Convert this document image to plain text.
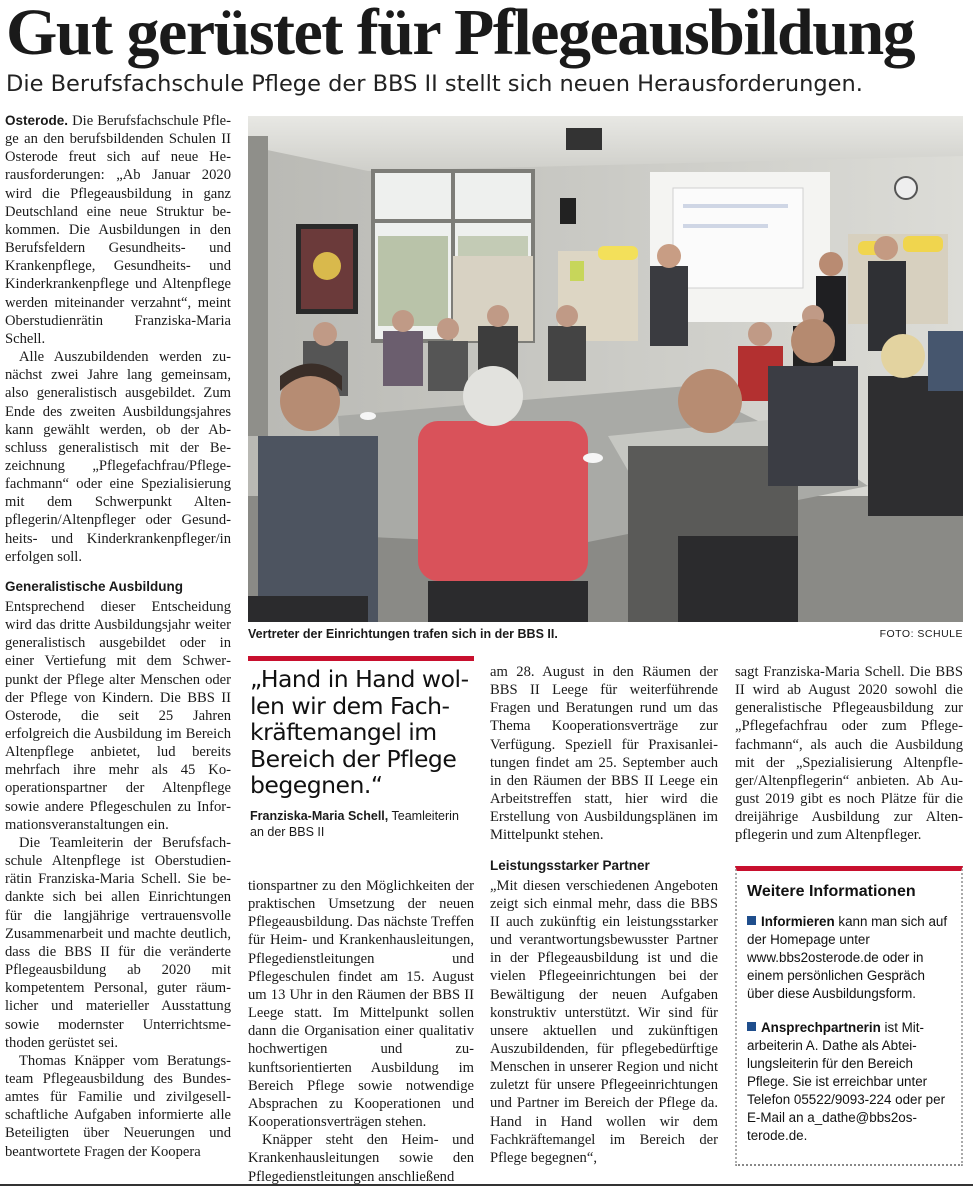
Gut gerüstet für Pflegeausbildung
Die Berufsfachschule Pflege der BBS II stellt sich neuen Herausforderungen.

Osterode. Die Berufsfachschule Pflege an den berufsbildenden Schulen II Osterode freut sich auf neue Herausforderungen: „Ab Januar 2020 wird die Pflegeausbildung in ganz Deutschland eine neue Struktur bekommen. Die Ausbildungen in den Berufsfeldern Gesundheits- und Krankenpflege, Gesundheits- und Kinderkrankenpflege und Altenpflege werden miteinander verzahnt“, meint Oberstudienrätin Franziska-Maria Schell.

Alle Auszubildenden werden zunächst zwei Jahre lang gemeinsam, also generalistisch ausgebildet. Zum Ende des zweiten Ausbildungsjahres kann gewählt werden, ob der Abschluss generalistisch mit der Bezeichnung „Pflegefachfrau/Pflegefachmann“ oder eine Spezialisierung mit dem Schwerpunkt Altenpflegerin/Altenpfleger oder Gesundheits- und Kinderkrankenpfleger/in erfolgen soll.

Generalistische Ausbildung

Entsprechend dieser Entscheidung wird das dritte Ausbildungsjahr weiter generalistisch ausgebildet oder in einer Vertiefung mit dem Schwerpunkt der Pflege alter Menschen oder der Pflege von Kindern. Die BBS II Osterode, die seit 25 Jahren erfolgreich die Ausbildung im Bereich Altenpflege anbietet, lud bereits mehrfach ihre mehr als 45 Kooperationspartner der Altenpflege sowie andere Pflegeschulen zu Informationsveranstaltungen ein.

Die Teamleiterin der Berufsfachschule Altenpflege ist Oberstudienrätin Franziska-Maria Schell. Sie bedankte sich bei allen Einrichtungen für die langjährige vertrauensvolle Zusammenarbeit und machte deutlich, dass die BBS II für die veränderte Pflegeausbildung ab 2020 mit kompetentem Personal, guter räumlicher und materieller Ausstattung sowie modernster Unterrichtsmethoden gerüstet sei.

Thomas Knäpper vom Beratungsteam Pflegeausbildung des Bundesamtes für Familie und zivilgesellschaftliche Aufgaben informierte alle Beteiligten über Neuerungen und beantwortete Fragen der Koopera

Vertreter der Einrichtungen trafen sich in der BBS II.	FOTO: SCHULE
„Hand in Hand wollen wir dem Fachkräftemangel im Bereich der Pflege begegnen.“
Franziska-Maria Schell, Teamleiterin an der BBS II

tionspartner zu den Möglichkeiten der praktischen Umsetzung der neuen Pflegeausbildung. Das nächste Treffen für Heim- und Krankenhausleitungen, Pflegedienstleitungen und Pflegeschulen findet am 15. August um 13 Uhr in den Räumen der BBS II Leege statt. Im Mittelpunkt sollen dann die Organisation einer qualitativ hochwertigen und zukunftsorientierten Ausbildung im Bereich Pflege sowie notwendige Absprachen zu Kooperationen und Kooperationsverträgen stehen.

Knäpper steht den Heim- und Krankenhausleitungen sowie den Pflegedienstleitungen anschließend

am 28. August in den Räumen der BBS II Leege für weiterführende Fragen und Beratungen rund um das Thema Kooperationsverträge zur Verfügung. Speziell für Praxisanleitungen findet am 25. September auch in den Räumen der BBS II Leege ein Arbeitstreffen statt, hier wird die Erstellung von Ausbildungsplänen im Mittelpunkt stehen.

Leistungsstarker Partner

„Mit diesen verschiedenen Angeboten zeigt sich einmal mehr, dass die BBS II auch zukünftig ein leistungsstarker und verantwortungsbewusster Partner in der Pflegeausbildung ist und die vielen Pflegeeinrichtungen bei der Bewältigung der neuen Aufgaben konstruktiv unterstützt. Wir sind für unsere aktuellen und zukünftigen Auszubildenden, für pflegebedürftige Menschen in unserer Region und nicht zuletzt für unsere Pflegeeinrichtungen und Partner im Bereich der Pflege da. Hand in Hand wollen wir dem Fachkräftemangel im Bereich der Pflege begegnen“,

sagt Franziska-Maria Schell. Die BBS II wird ab August 2020 sowohl die generalistische Pflegeausbildung zur „Pflegefachfrau oder zum Pflegefachmann“, als auch die Ausbildung mit der „Spezialisierung Altenpfleger/Altenpflegerin“ anbieten. Ab August 2019 gibt es noch Plätze für die dreijährige Ausbildung zur Altenpflegerin und zum Altenpfleger.

Weitere Informationen

Informieren kann man sich auf der Homepage unter www.bbs2osterode.de oder in einem persönlichen Gespräch über diese Ausbildungsform.

Ansprechpartnerin ist Mitarbeiterin A. Dathe als Abteilungsleiterin für den Bereich Pflege. Sie ist erreichbar unter Telefon 05522/9093-224 oder per E-Mail an a_dathe@bbs2osterode.de.
